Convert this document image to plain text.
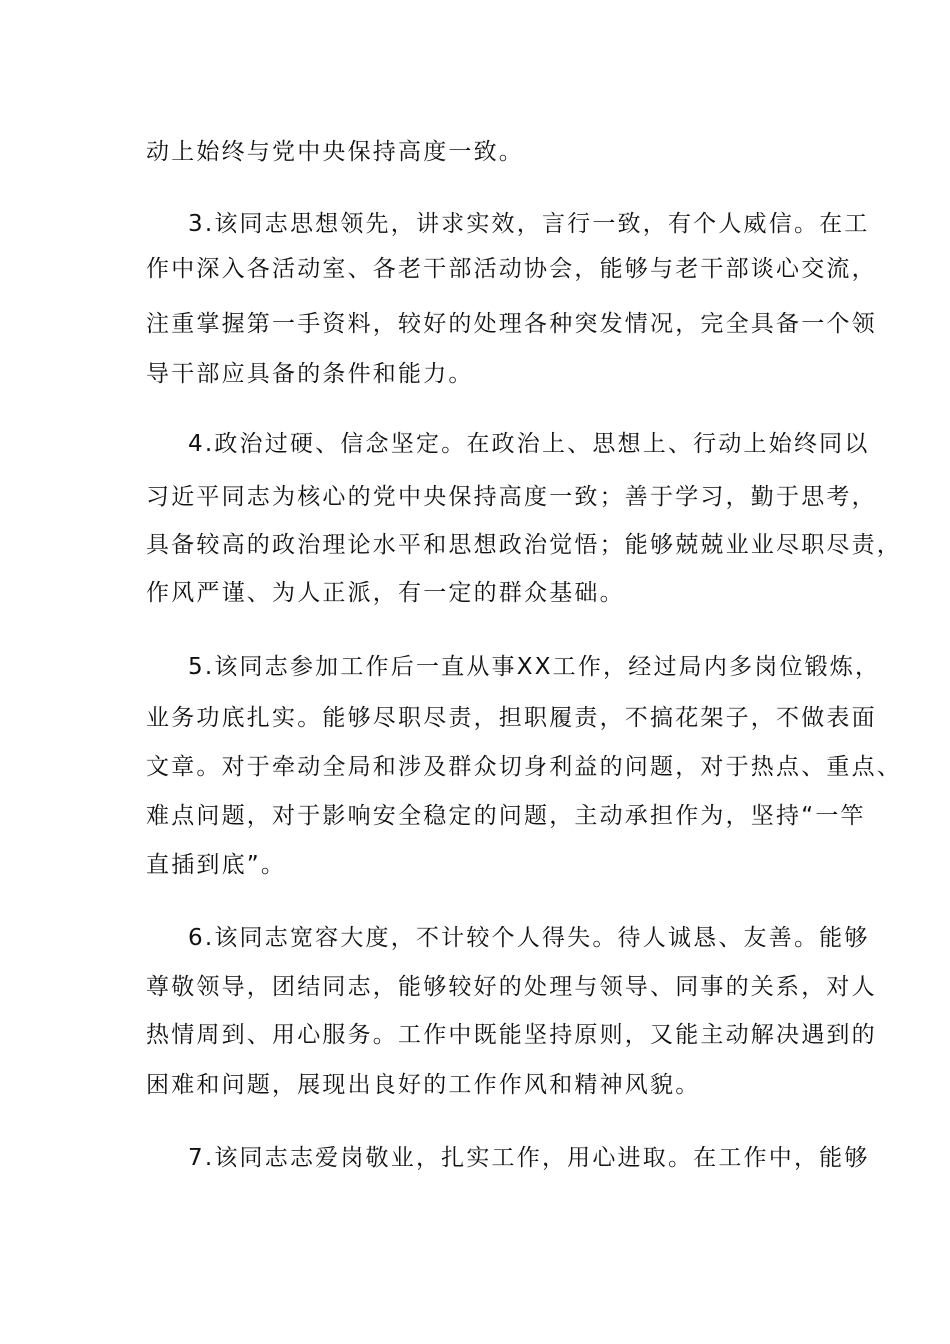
动上始终与党中央保持高度一致。
3.该同志思想领先，讲求实效，言行一致，有个人威信。在工
作中深入各活动室、各老干部活动协会，能够与老干部谈心交流，
注重掌握第一手资料，较好的处理各种突发情况，完全具备一个领
导干部应具备的条件和能力。
4.政治过硬、信念坚定。在政治上、思想上、行动上始终同以
习近平同志为核心的党中央保持高度一致；善于学习，勤于思考，
具备较高的政治理论水平和思想政治觉悟；能够兢兢业业尽职尽责，
作风严谨、为人正派，有一定的群众基础。
5.该同志参加工作后一直从事XX工作，经过局内多岗位锻炼，
业务功底扎实。能够尽职尽责，担职履责，不搞花架子，不做表面
文章。对于牵动全局和涉及群众切身利益的问题，对于热点、重点、
难点问题，对于影响安全稳定的问题，主动承担作为，坚持“一竿
直插到底”。
6.该同志宽容大度，不计较个人得失。待人诚恳、友善。能够
尊敬领导，团结同志，能够较好的处理与领导、同事的关系，对人
热情周到、用心服务。工作中既能坚持原则，又能主动解决遇到的
困难和问题，展现出良好的工作作风和精神风貌。
7.该同志志爱岗敬业，扎实工作，用心进取。在工作中，能够
